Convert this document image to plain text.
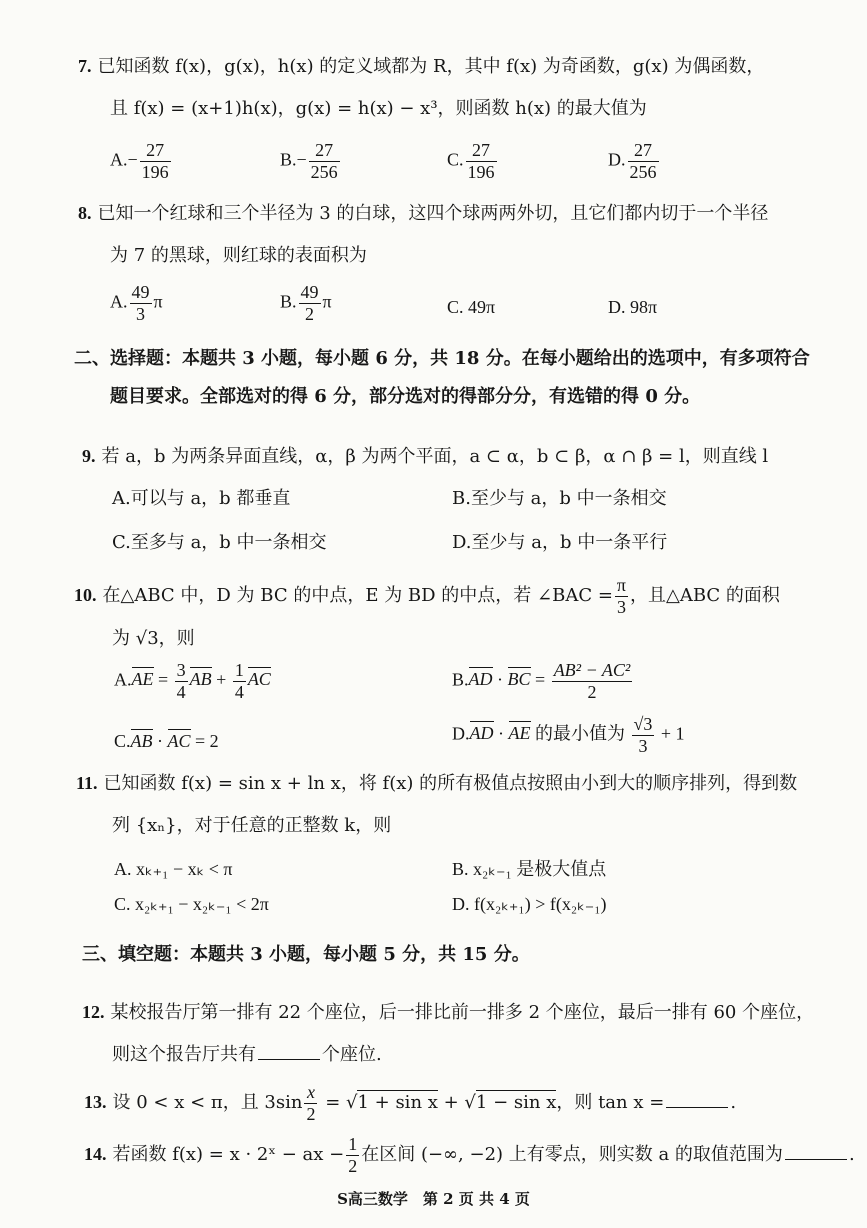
7. 已知函数 f(x)，g(x)，h(x) 的定义域都为 R，其中 f(x) 为奇函数，g(x) 为偶函数，
且 f(x) = (x+1)h(x)，g(x) = h(x) − x³，则函数 h(x) 的最大值为
$A.- \frac{27}{196}$	$B.- \frac{27}{256}$	C. $\frac{27}{196}$	D. $\frac{27}{256}$
8. 已知一个红球和三个半径为 3 的白球，这四个球两两外切，且它们都内切于一个半径
为 7 的黑球，则红球的表面积为
A. $\frac{49}{3}$ π	B. $\frac{49}{2}$ π	C. 49π	D. 98π
二、选择题：本题共 3 小题，每小题 6 分，共 18 分。在每小题给出的选项中，有多项符合
题目要求。全部选对的得 6 分，部分选对的得部分分，有选错的得 0 分。
9. 若 a，b 为两条异面直线，α，β 为两个平面，a ⊂ α，b ⊂ β，α ∩ β = l，则直线 l
A.可以与 a，b 都垂直	B.至少与 a，b 中一条相交
C.至多与 a，b 中一条相交	D.至少与 a，b 中一条平行
10. 在△ABC 中，D 为 BC 的中点，E 为 BD 的中点，若 ∠BAC = $\frac{\pi}{3}$ ，且△ABC 的面积
为 √3，则
$A.AE = \frac{3}{4}$ AB + $\frac{1}{4}$ AC	B.AD · BC = $\frac{\text{AB² − AC²}}{2}$
C.AB · AC = 2	D.AD · AE 的最小值为 $\frac{√3}{3} + 1$
11. 已知函数 f(x) = sin x + ln x，将 f(x) 的所有极值点按照由小到大的顺序排列，得到数
列 {xₙ}，对于任意的正整数 k，则
A. xₖ₊₁ − xₖ < π	B. x₂ₖ₋₁ 是极大值点
C. x₂ₖ₊₁ − x₂ₖ₋₁ < 2π	D. f(x₂ₖ₊₁) > f(x₂ₖ₋₁)
三、填空题：本题共 3 小题，每小题 5 分，共 15 分。
12. 某校报告厅第一排有 22 个座位，后一排比前一排多 2 个座位，最后一排有 60 个座位，
则这个报告厅共有	个座位.
13. 设 0 < x < π，且 $3\sin \frac{x}{2} = √1 + \sin x + √1 - \sin x$，则 tan x =	.
14. 若函数 f(x) = x · 2ˣ − ax − $\frac{1}{2}$ 在区间 (−∞, −2) 上有零点，则实数 a 的取值范围为	.
S高三数学　第 2 页 共 4 页
